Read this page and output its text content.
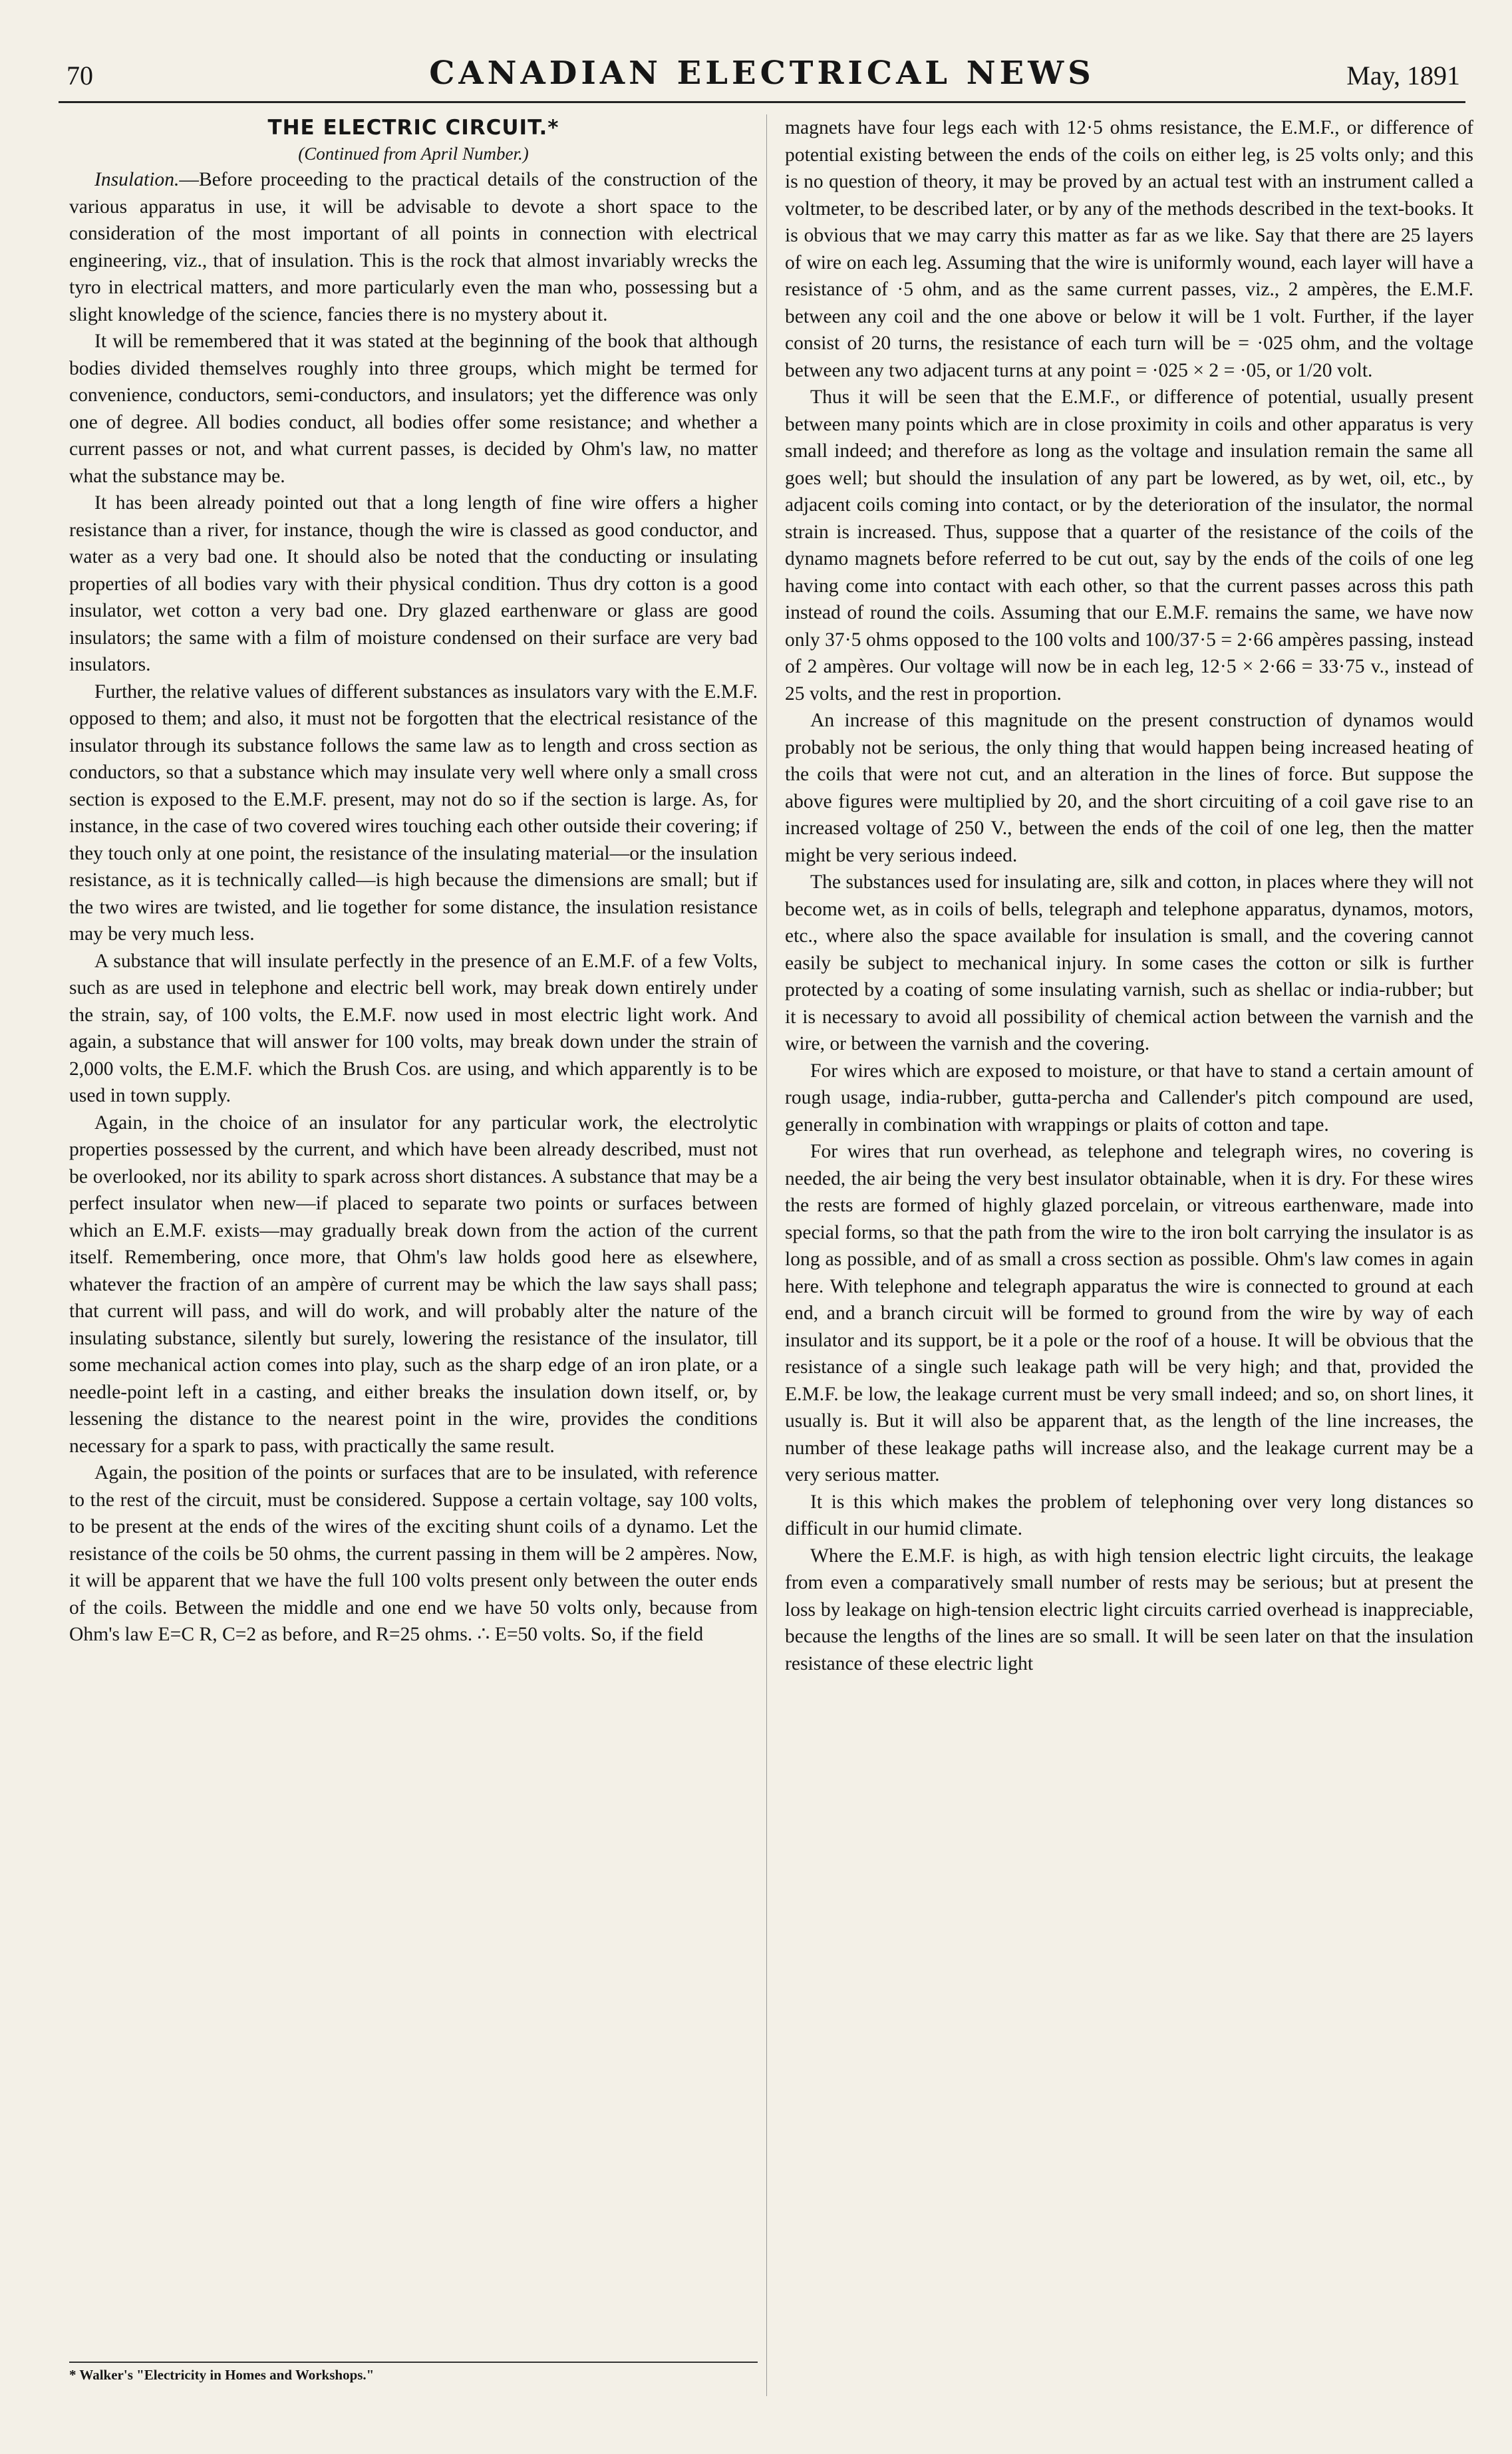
70	CANADIAN ELECTRICAL NEWS	May, 1891
THE ELECTRIC CIRCUIT.*
(Continued from April Number.)

Insulation.—Before proceeding to the practical details of the construction of the various apparatus in use, it will be advisable to devote a short space to the consideration of the most important of all points in connection with electrical engineering, viz., that of insulation. This is the rock that almost invariably wrecks the tyro in electrical matters, and more particularly even the man who, possessing but a slight knowledge of the science, fancies there is no mystery about it.

It will be remembered that it was stated at the beginning of the book that although bodies divided themselves roughly into three groups, which might be termed for convenience, conductors, semi-conductors, and insulators; yet the difference was only one of degree. All bodies conduct, all bodies offer some resistance; and whether a current passes or not, and what current passes, is decided by Ohm's law, no matter what the substance may be.

It has been already pointed out that a long length of fine wire offers a higher resistance than a river, for instance, though the wire is classed as good conductor, and water as a very bad one. It should also be noted that the conducting or insulating properties of all bodies vary with their physical condition. Thus dry cotton is a good insulator, wet cotton a very bad one. Dry glazed earthenware or glass are good insulators; the same with a film of moisture condensed on their surface are very bad insulators.

Further, the relative values of different substances as insulators vary with the E.M.F. opposed to them; and also, it must not be forgotten that the electrical resistance of the insulator through its substance follows the same law as to length and cross section as conductors, so that a substance which may insulate very well where only a small cross section is exposed to the E.M.F. present, may not do so if the section is large. As, for instance, in the case of two covered wires touching each other outside their covering; if they touch only at one point, the resistance of the insulating material—or the insulation resistance, as it is technically called—is high because the dimensions are small; but if the two wires are twisted, and lie together for some distance, the insulation resistance may be very much less.

A substance that will insulate perfectly in the presence of an E.M.F. of a few Volts, such as are used in telephone and electric bell work, may break down entirely under the strain, say, of 100 volts, the E.M.F. now used in most electric light work. And again, a substance that will answer for 100 volts, may break down under the strain of 2,000 volts, the E.M.F. which the Brush Cos. are using, and which apparently is to be used in town supply.

Again, in the choice of an insulator for any particular work, the electrolytic properties possessed by the current, and which have been already described, must not be overlooked, nor its ability to spark across short distances. A substance that may be a perfect insulator when new—if placed to separate two points or surfaces between which an E.M.F. exists—may gradually break down from the action of the current itself. Remembering, once more, that Ohm's law holds good here as elsewhere, whatever the fraction of an ampère of current may be which the law says shall pass; that current will pass, and will do work, and will probably alter the nature of the insulating substance, silently but surely, lowering the resistance of the insulator, till some mechanical action comes into play, such as the sharp edge of an iron plate, or a needle-point left in a casting, and either breaks the insulation down itself, or, by lessening the distance to the nearest point in the wire, provides the conditions necessary for a spark to pass, with practically the same result.

Again, the position of the points or surfaces that are to be insulated, with reference to the rest of the circuit, must be considered. Suppose a certain voltage, say 100 volts, to be present at the ends of the wires of the exciting shunt coils of a dynamo. Let the resistance of the coils be 50 ohms, the current passing in them will be 2 ampères. Now, it will be apparent that we have the full 100 volts present only between the outer ends of the coils. Between the middle and one end we have 50 volts only, because from Ohm's law E=C R, C=2 as before, and R=25 ohms. ∴ E=50 volts. So, if the field

magnets have four legs each with 12·5 ohms resistance, the E.M.F., or difference of potential existing between the ends of the coils on either leg, is 25 volts only; and this is no question of theory, it may be proved by an actual test with an instrument called a voltmeter, to be described later, or by any of the methods described in the text-books. It is obvious that we may carry this matter as far as we like. Say that there are 25 layers of wire on each leg. Assuming that the wire is uniformly wound, each layer will have a resistance of ·5 ohm, and as the same current passes, viz., 2 ampères, the E.M.F. between any coil and the one above or below it will be 1 volt. Further, if the layer consist of 20 turns, the resistance of each turn will be = ·025 ohm, and the voltage between any two adjacent turns at any point = ·025 × 2 = ·05, or 1/20 volt.

Thus it will be seen that the E.M.F., or difference of potential, usually present between many points which are in close proximity in coils and other apparatus is very small indeed; and therefore as long as the voltage and insulation remain the same all goes well; but should the insulation of any part be lowered, as by wet, oil, etc., by adjacent coils coming into contact, or by the deterioration of the insulator, the normal strain is increased. Thus, suppose that a quarter of the resistance of the coils of the dynamo magnets before referred to be cut out, say by the ends of the coils of one leg having come into contact with each other, so that the current passes across this path instead of round the coils. Assuming that our E.M.F. remains the same, we have now only 37·5 ohms opposed to the 100 volts and 100/37·5 = 2·66 ampères passing, instead of 2 ampères. Our voltage will now be in each leg, 12·5 × 2·66 = 33·75 v., instead of 25 volts, and the rest in proportion.

An increase of this magnitude on the present construction of dynamos would probably not be serious, the only thing that would happen being increased heating of the coils that were not cut, and an alteration in the lines of force. But suppose the above figures were multiplied by 20, and the short circuiting of a coil gave rise to an increased voltage of 250 V., between the ends of the coil of one leg, then the matter might be very serious indeed.

The substances used for insulating are, silk and cotton, in places where they will not become wet, as in coils of bells, telegraph and telephone apparatus, dynamos, motors, etc., where also the space available for insulation is small, and the covering cannot easily be subject to mechanical injury. In some cases the cotton or silk is further protected by a coating of some insulating varnish, such as shellac or india-rubber; but it is necessary to avoid all possibility of chemical action between the varnish and the wire, or between the varnish and the covering.

For wires which are exposed to moisture, or that have to stand a certain amount of rough usage, india-rubber, gutta-percha and Callender's pitch compound are used, generally in combination with wrappings or plaits of cotton and tape.

For wires that run overhead, as telephone and telegraph wires, no covering is needed, the air being the very best insulator obtainable, when it is dry. For these wires the rests are formed of highly glazed porcelain, or vitreous earthenware, made into special forms, so that the path from the wire to the iron bolt carrying the insulator is as long as possible, and of as small a cross section as possible. Ohm's law comes in again here. With telephone and telegraph apparatus the wire is connected to ground at each end, and a branch circuit will be formed to ground from the wire by way of each insulator and its support, be it a pole or the roof of a house. It will be obvious that the resistance of a single such leakage path will be very high; and that, provided the E.M.F. be low, the leakage current must be very small indeed; and so, on short lines, it usually is. But it will also be apparent that, as the length of the line increases, the number of these leakage paths will increase also, and the leakage current may be a very serious matter.

It is this which makes the problem of telephoning over very long distances so difficult in our humid climate.

Where the E.M.F. is high, as with high tension electric light circuits, the leakage from even a comparatively small number of rests may be serious; but at present the loss by leakage on high-tension electric light circuits carried overhead is inappreciable, because the lengths of the lines are so small. It will be seen later on that the insulation resistance of these electric light

* Walker's "Electricity in Homes and Workshops."
